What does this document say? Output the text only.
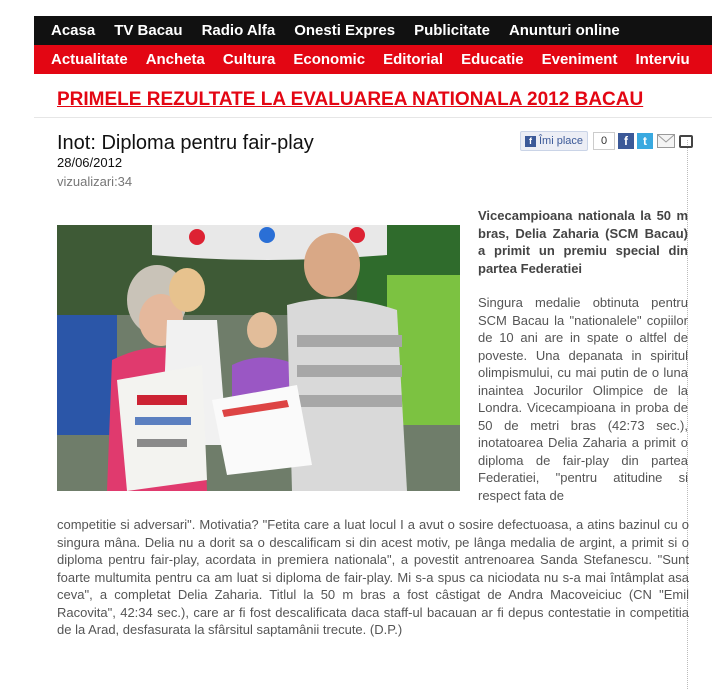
Acasa TV Bacau Radio Alfa Onesti Expres Publicitate Anunturi online
Actualitate Ancheta Cultura Economic Editorial Educatie Eveniment Interviu
PRIMELE REZULTATE LA EVALUAREA NATIONALA 2012 BACAU
Inot: Diploma pentru fair-play
28/06/2012
vizualizari:34
f Îmi place	0	f	t
Vicecampioana nationala la 50 m bras, Delia Zaharia (SCM Bacau) a primit un premiu special din partea Federatiei
Singura medalie obtinuta pentru SCM Bacau la "nationalele" copiilor de 10 ani are in spate o altfel de poveste. Una depanata in spiritul olimpismului, cu mai putin de o luna inaintea Jocurilor Olimpice de la Londra. Vicecampioana in proba de 50 de metri bras (42:73 sec.), inotatoarea Delia Zaharia a primit o diploma de fair-play din partea Federatiei, "pentru atitudine si respect fata de
competitie si adversari". Motivatia? "Fetita care a luat locul I a avut o sosire defectuoasa, a atins bazinul cu o singura mâna. Delia nu a dorit sa o descalificam si din acest motiv, pe lânga medalia de argint, a primit si o diploma pentru fair-play, acordata in premiera nationala", a povestit antrenoarea Sanda Stefanescu. "Sunt foarte multumita pentru ca am luat si diploma de fair-play. Mi s-a spus ca niciodata nu s-a mai întâmplat asa ceva", a completat Delia Zaharia. Titlul la 50 m bras a fost câstigat de Andra Macoveiciuc (CN "Emil Racovita", 42:34 sec.), care ar fi fost descalificata daca staff-ul bacauan ar fi depus contestatie in competitia de la Arad, desfasurata la sfârsitul saptamânii trecute. (D.P.)
